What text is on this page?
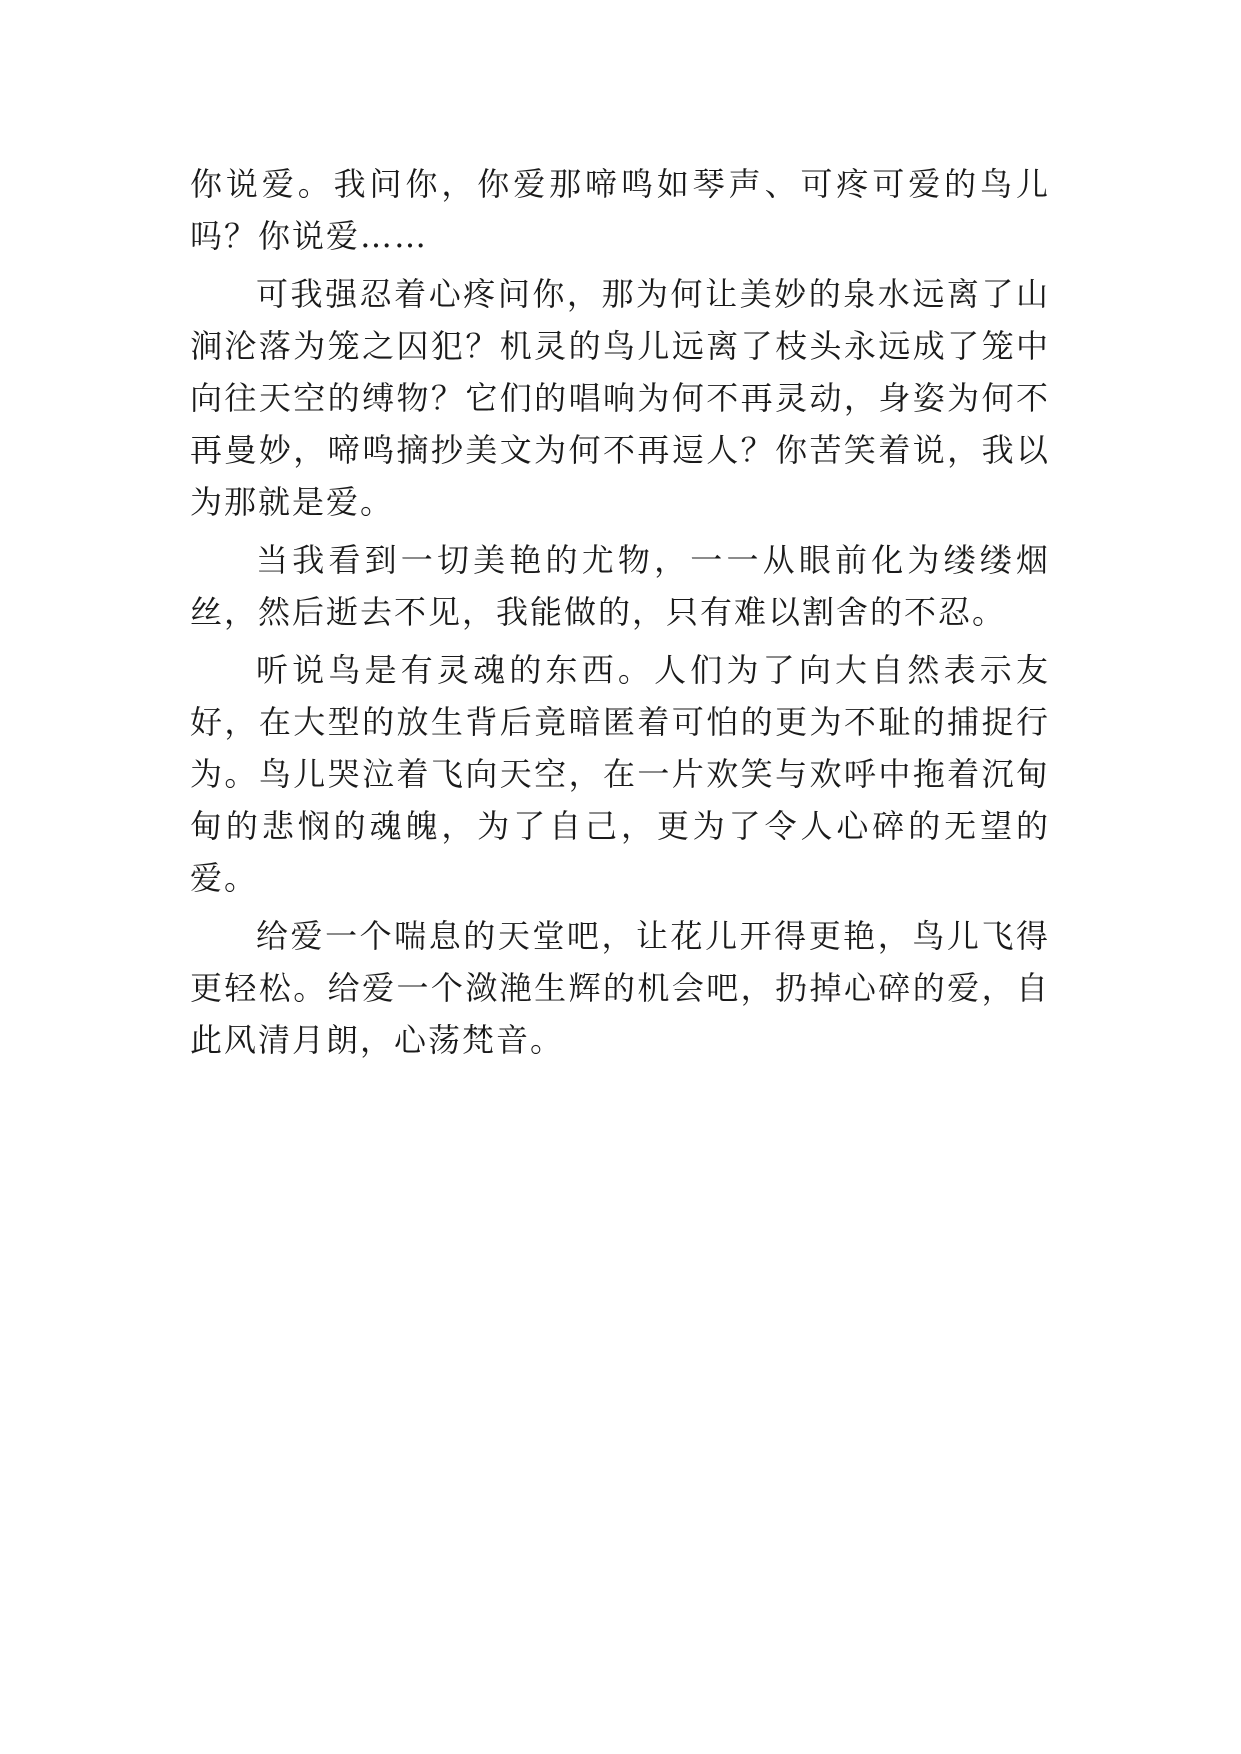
你说爱。我问你，你爱那啼鸣如琴声、可疼可爱的鸟儿吗？你说爱……

可我强忍着心疼问你，那为何让美妙的泉水远离了山涧沦落为笼之囚犯？机灵的鸟儿远离了枝头永远成了笼中向往天空的缚物？它们的唱响为何不再灵动，身姿为何不再曼妙，啼鸣摘抄美文为何不再逗人？你苦笑着说，我以为那就是爱。

当我看到一切美艳的尤物，一一从眼前化为缕缕烟丝，然后逝去不见，我能做的，只有难以割舍的不忍。

听说鸟是有灵魂的东西。人们为了向大自然表示友好，在大型的放生背后竟暗匿着可怕的更为不耻的捕捉行为。鸟儿哭泣着飞向天空，在一片欢笑与欢呼中拖着沉甸甸的悲悯的魂魄，为了自己，更为了令人心碎的无望的爱。

给爱一个喘息的天堂吧，让花儿开得更艳，鸟儿飞得更轻松。给爱一个潋滟生辉的机会吧，扔掉心碎的爱，自此风清月朗，心荡梵音。
